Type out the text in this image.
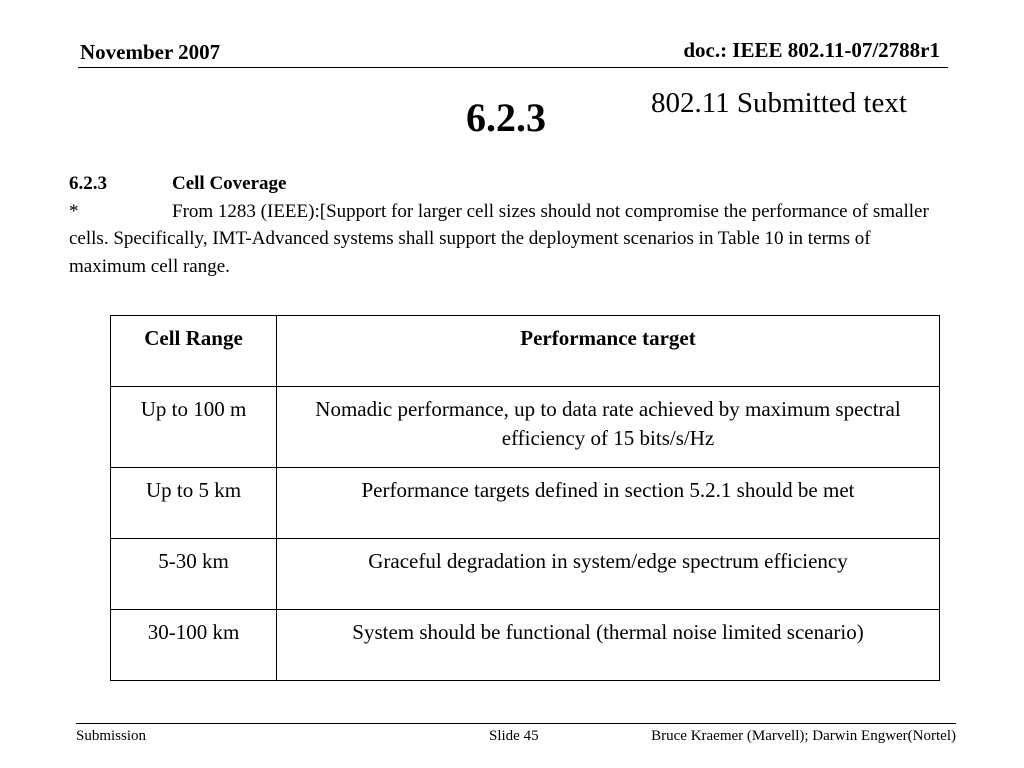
November 2007	doc.: IEEE 802.11-07/2788r1
6.2.3	802.11 Submitted text
6.2.3	Cell Coverage
*	From 1283 (IEEE):[Support for larger cell sizes should not compromise the performance of smaller cells. Specifically, IMT-Advanced systems shall support the deployment scenarios in Table 10 in terms of maximum cell range.
Cell Range	Performance target
Up to 100 m	Nomadic performance, up to data rate achieved by maximum spectral efficiency of 15 bits/s/Hz
Up to 5 km	Performance targets defined in section 5.2.1 should be met
5-30 km	Graceful degradation in system/edge spectrum efficiency
30-100 km	System should be functional (thermal noise limited scenario)
Submission	Slide 45	Bruce Kraemer (Marvell); Darwin Engwer(Nortel)
